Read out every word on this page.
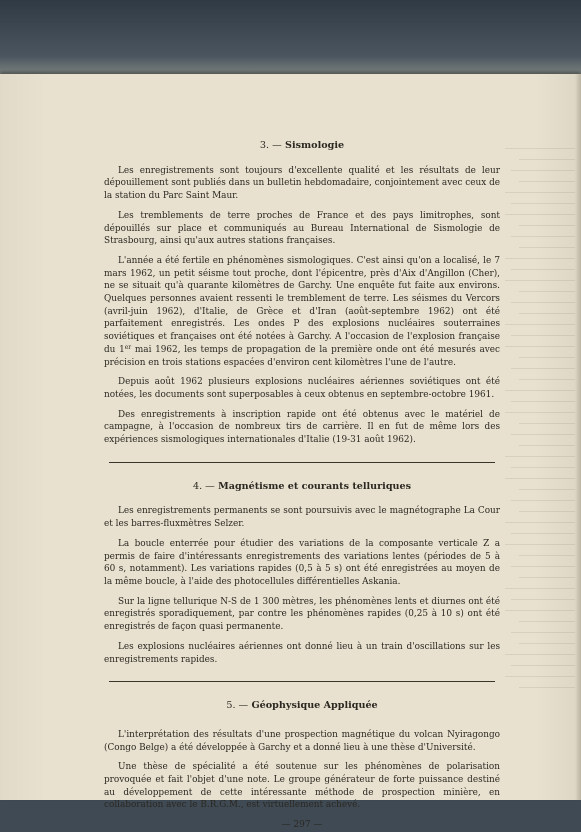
3. — Sismologie

Les enregistrements sont toujours d'excellente qualité et les résultats de leur dépouillement sont publiés dans un bulletin hebdomadaire, conjointement avec ceux de la station du Parc Saint Maur.

Les tremblements de terre proches de France et des pays limitrophes, sont dépouillés sur place et communiqués au Bureau International de Sismologie de Strasbourg, ainsi qu'aux autres stations françaises.

L'année a été fertile en phénomènes sismologiques. C'est ainsi qu'on a localisé, le 7 mars 1962, un petit séisme tout proche, dont l'épicentre, près d'Aix d'Angillon (Cher), ne se situait qu'à quarante kilomètres de Garchy. Une enquête fut faite aux environs. Quelques personnes avaient ressenti le tremblement de terre. Les séismes du Vercors (avril-juin 1962), d'Italie, de Grèce et d'Iran (août-septembre 1962) ont été parfaitement enregistrés. Les ondes P des explosions nucléaires souterraines soviétiques et françaises ont été notées à Garchy. A l'occasion de l'explosion française du 1er mai 1962, les temps de propagation de la première onde ont été mesurés avec précision en trois stations espacées d'environ cent kilomètres l'une de l'autre.

Depuis août 1962 plusieurs explosions nucléaires aériennes soviétiques ont été notées, les documents sont superposables à ceux obtenus en septembre-octobre 1961.

Des enregistrements à inscription rapide ont été obtenus avec le matériel de campagne, à l'occasion de nombreux tirs de carrière. Il en fut de même lors des expériences sismologiques internationales d'Italie (19-31 août 1962).

4. — Magnétisme et courants telluriques

Les enregistrements permanents se sont poursuivis avec le magnétographe La Cour et les barres-fluxmètres Selzer.

La boucle enterrée pour étudier des variations de la composante verticale Z a permis de faire d'intéressants enregistrements des variations lentes (périodes de 5 à 60 s, notamment). Les variations rapides (0,5 à 5 s) ont été enregistrées au moyen de la même boucle, à l'aide des photocellules différentielles Askania.

Sur la ligne tellurique N-S de 1 300 mètres, les phénomènes lents et diurnes ont été enregistrés sporadiquement, par contre les phénomènes rapides (0,25 à 10 s) ont été enregistrés de façon quasi permanente.

Les explosions nucléaires aériennes ont donné lieu à un train d'oscillations sur les enregistrements rapides.

5. — Géophysique Appliquée

L'interprétation des résultats d'une prospection magnétique du volcan Nyiragongo (Congo Belge) a été développée à Garchy et a donné lieu à une thèse d'Université.

Une thèse de spécialité a été soutenue sur les phénomènes de polarisation provoquée et fait l'objet d'une note. Le groupe générateur de forte puissance destiné au développement de cette intéressante méthode de prospection minière, en collaboration avec le B.R.G.M., est virtuellement achevé.

— 297 —
